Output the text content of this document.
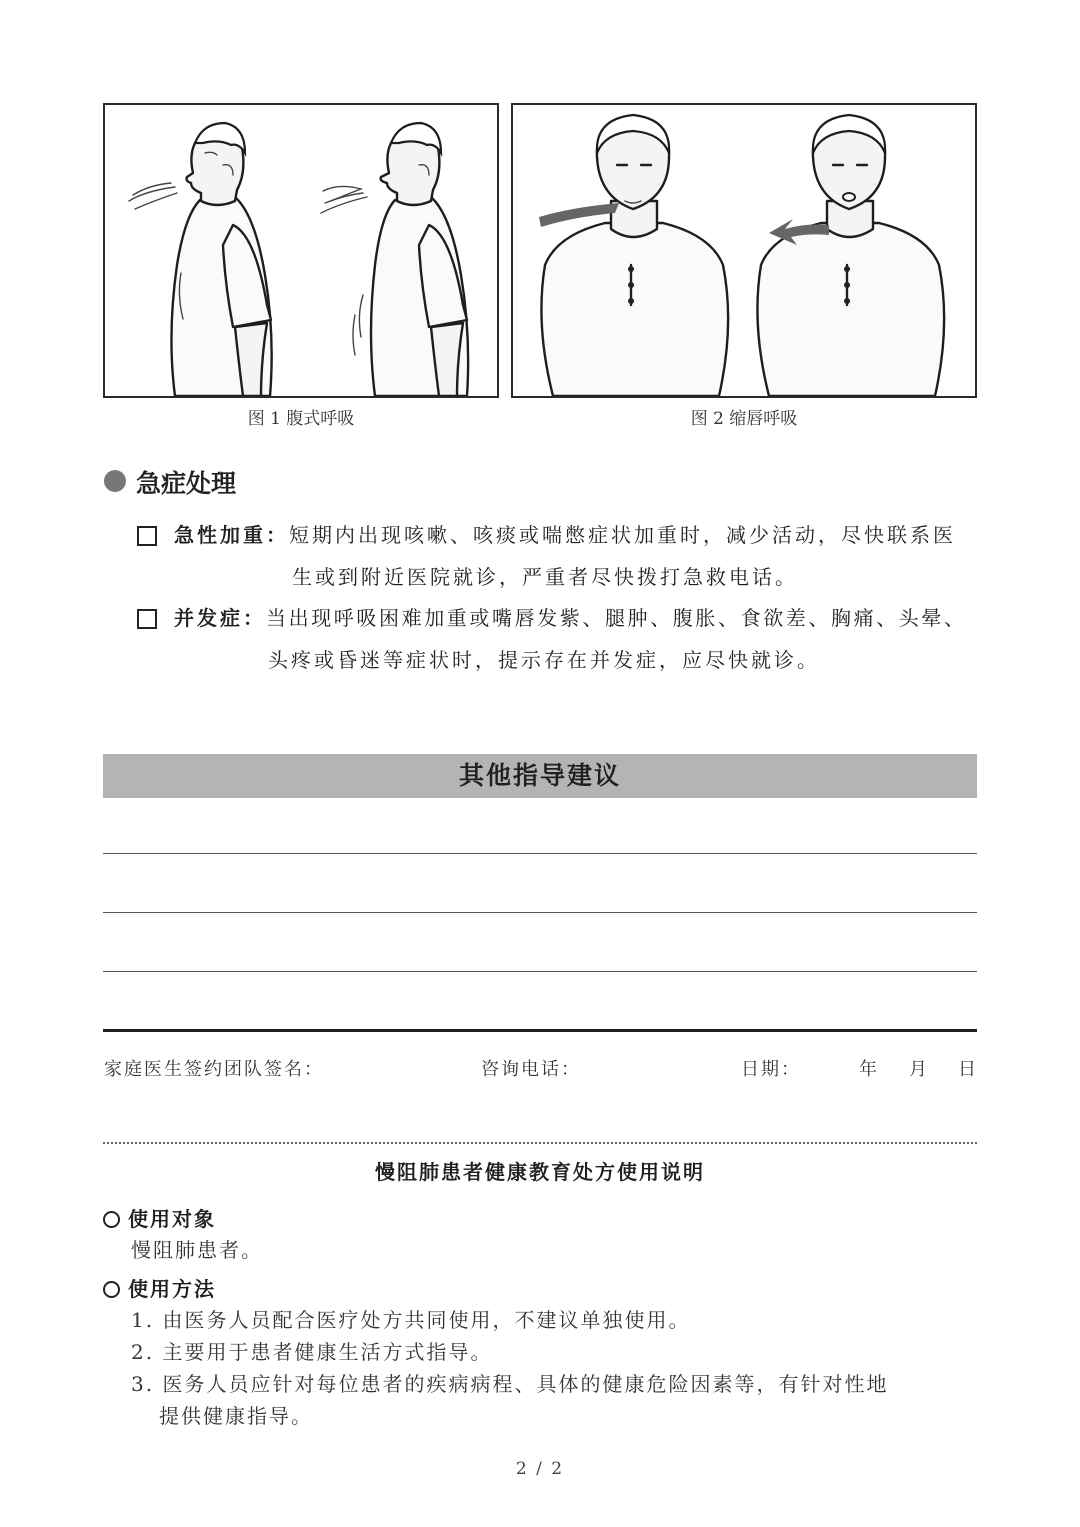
图 1 腹式呼吸	图 2 缩唇呼吸
急症处理
急性加重：短期内出现咳嗽、咳痰或喘憋症状加重时，减少活动，尽快联系医
生或到附近医院就诊，严重者尽快拨打急救电话。
并发症：当出现呼吸困难加重或嘴唇发紫、腿肿、腹胀、食欲差、胸痛、头晕、
头疼或昏迷等症状时，提示存在并发症，应尽快就诊。
其他指导建议
家庭医生签约团队签名：	咨询电话：	日期：	年 月 日
慢阻肺患者健康教育处方使用说明
使用对象
慢阻肺患者。
使用方法
1. 由医务人员配合医疗处方共同使用，不建议单独使用。
2. 主要用于患者健康生活方式指导。
3. 医务人员应针对每位患者的疾病病程、具体的健康危险因素等，有针对性地
提供健康指导。
2 / 2
